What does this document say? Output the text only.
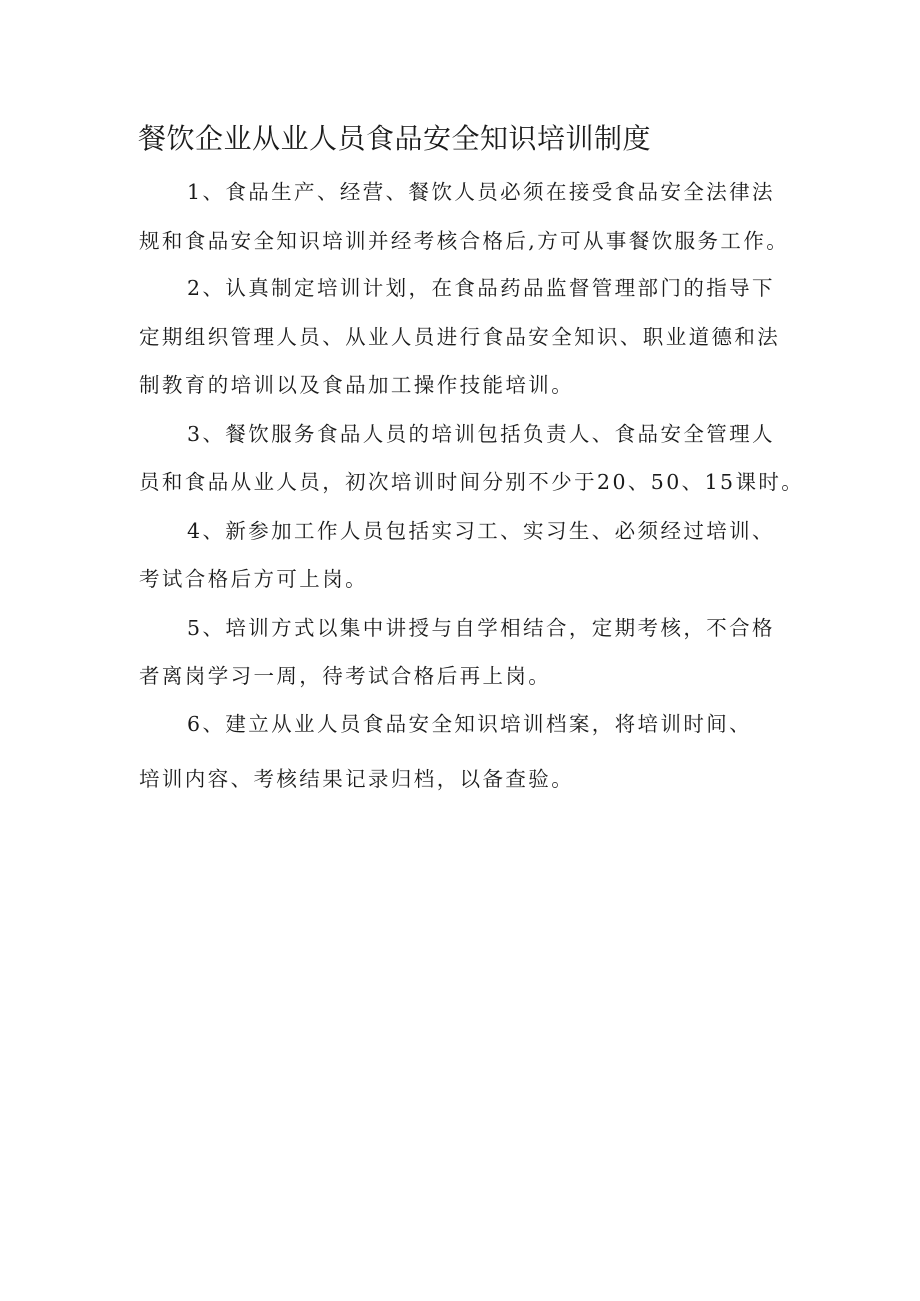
餐饮企业从业人员食品安全知识培训制度

1、食品生产、经营、餐饮人员必须在接受食品安全法律法

规和食品安全知识培训并经考核合格后,方可从事餐饮服务工作。

2、认真制定培训计划，在食品药品监督管理部门的指导下

定期组织管理人员、从业人员进行食品安全知识、职业道德和法

制教育的培训以及食品加工操作技能培训。

3、餐饮服务食品人员的培训包括负责人、食品安全管理人

员和食品从业人员，初次培训时间分别不少于20、50、15课时。

4、新参加工作人员包括实习工、实习生、必须经过培训、

考试合格后方可上岗。

5、培训方式以集中讲授与自学相结合，定期考核，不合格

者离岗学习一周，待考试合格后再上岗。

6、建立从业人员食品安全知识培训档案，将培训时间、

培训内容、考核结果记录归档，以备查验。
